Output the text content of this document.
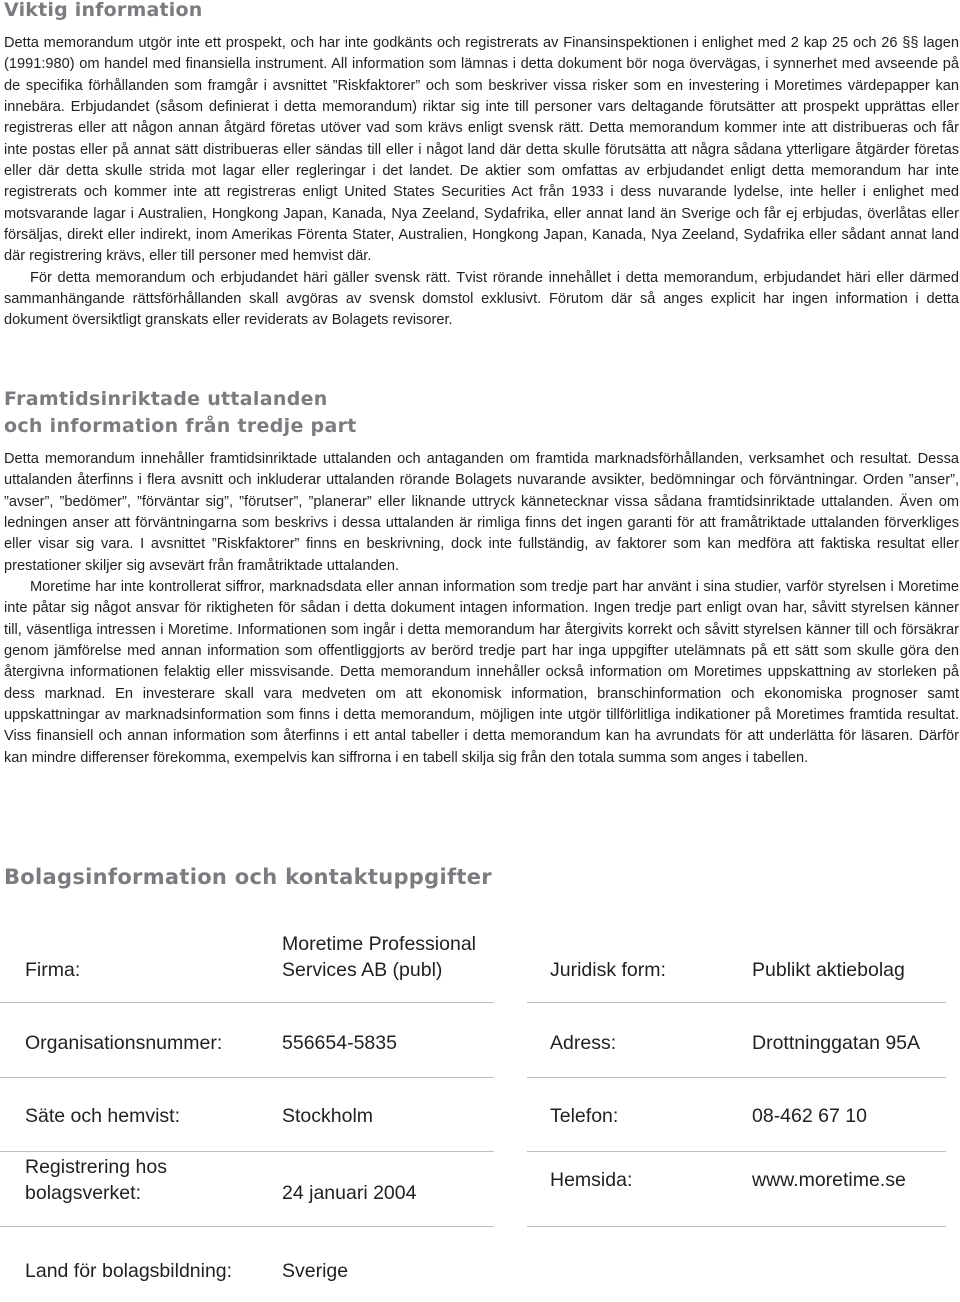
Viktig information

Detta memorandum utgör inte ett prospekt, och har inte godkänts och registrerats av Finansinspektionen i enlighet med 2 kap 25 och 26 §§ lagen (1991:980) om handel med finansiella instrument. All information som lämnas i detta dokument bör noga övervägas, i synnerhet med avseende på de specifika förhållanden som framgår i avsnittet ”Riskfaktorer” och som beskriver vissa risker som en investering i Moretimes värdepapper kan innebära. Erbjudandet (såsom definierat i detta memorandum) riktar sig inte till personer vars deltagande förutsätter att prospekt upprättas eller registreras eller att någon annan åtgärd företas utöver vad som krävs enligt svensk rätt. Detta memorandum kommer inte att distribueras och får inte postas eller på annat sätt distribueras eller sändas till eller i något land där detta skulle förutsätta att några sådana ytterligare åtgärder företas eller där detta skulle strida mot lagar eller regleringar i det landet. De aktier som omfattas av erbjudandet enligt detta memorandum har inte registrerats och kommer inte att registreras enligt United States Securities Act från 1933 i dess nuvarande lydelse, inte heller i enlighet med motsvarande lagar i Australien, Hongkong Japan, Kanada, Nya Zeeland, Sydafrika, eller annat land än Sverige och får ej erbjudas, överlåtas eller försäljas, direkt eller indirekt, inom Amerikas Förenta Stater, Australien, Hongkong Japan, Kanada, Nya Zeeland, Sydafrika eller sådant annat land där registrering krävs, eller till personer med hemvist där.

För detta memorandum och erbjudandet häri gäller svensk rätt. Tvist rörande innehållet i detta memorandum, erbjudandet häri eller därmed sammanhängande rättsförhållanden skall avgöras av svensk domstol exklusivt. Förutom där så anges explicit har ingen information i detta dokument översiktligt granskats eller reviderats av Bolagets revisorer.

Framtidsinriktade uttalanden
och information från tredje part

Detta memorandum innehåller framtidsinriktade uttalanden och antaganden om framtida marknadsförhållanden, verksamhet och resultat. Dessa uttalanden återfinns i flera avsnitt och inkluderar uttalanden rörande Bolagets nuvarande avsikter, bedömningar och förväntningar. Orden ”anser”, ”avser”, ”bedömer”, ”förväntar sig”, ”förutser”, ”planerar” eller liknande uttryck kännetecknar vissa sådana framtidsinriktade uttalanden. Även om ledningen anser att förväntningarna som beskrivs i dessa uttalanden är rimliga finns det ingen garanti för att framåtriktade uttalanden förverkliges eller visar sig vara. I avsnittet ”Riskfaktorer” finns en beskrivning, dock inte fullständig, av faktorer som kan medföra att faktiska resultat eller prestationer skiljer sig avsevärt från framåtriktade uttalanden.

Moretime har inte kontrollerat siffror, marknadsdata eller annan information som tredje part har använt i sina studier, varför styrelsen i Moretime inte påtar sig något ansvar för riktigheten för sådan i detta dokument intagen information. Ingen tredje part enligt ovan har, såvitt styrelsen känner till, väsentliga intressen i Moretime. Informationen som ingår i detta memorandum har återgivits korrekt och såvitt styrelsen känner till och försäkrar genom jämförelse med annan information som offentliggjorts av berörd tredje part har inga uppgifter utelämnats på ett sätt som skulle göra den återgivna informationen felaktig eller missvisande. Detta memorandum innehåller också information om Moretimes uppskattning av storleken på dess marknad. En investerare skall vara medveten om att ekonomisk information, branschinformation och ekonomiska prognoser samt uppskattningar av marknadsinformation som finns i detta memorandum, möjligen inte utgör tillförlitliga indikationer på Moretimes framtida resultat. Viss finansiell och annan information som återfinns i ett antal tabeller i detta memorandum kan ha avrundats för att underlätta för läsaren. Därför kan mindre differenser förekomma, exempelvis kan siffrorna i en tabell skilja sig från den totala summa som anges i tabellen.

Bolagsinformation och kontaktuppgifter
Firma:
Moretime Professional
Services AB (publ)
Organisationsnummer:	556654-5835
Säte och hemvist:	Stockholm
Registrering hos
bolagsverket:	24 januari 2004
Land för bolagsbildning:	Sverige
Juridisk form:	Publikt aktiebolag
Adress:	Drottninggatan 95A
Telefon:	08-462 67 10
Hemsida:	www.moretime.se
